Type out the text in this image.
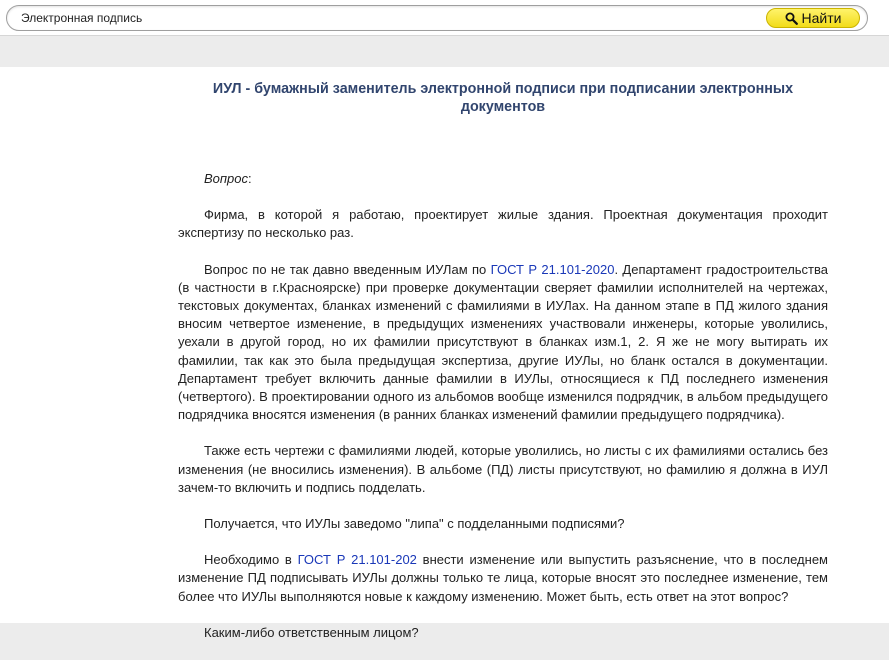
Электронная подпись	Найти
ИУЛ - бумажный заменитель электронной подписи при подписании электронных документов

Вопрос:

Фирма, в которой я работаю, проектирует жилые здания. Проектная документация проходит экспертизу по несколько раз.

Вопрос по не так давно введенным ИУЛам по ГОСТ Р 21.101-2020. Департамент градостроительства (в частности в г.Красноярске) при проверке документации сверяет фамилии исполнителей на чертежах, текстовых документах, бланках изменений с фамилиями в ИУЛах. На данном этапе в ПД жилого здания вносим четвертое изменение, в предыдущих изменениях участвовали инженеры, которые уволились, уехали в другой город, но их фамилии присутствуют в бланках изм.1, 2. Я же не могу вытирать их фамилии, так как это была предыдущая экспертиза, другие ИУЛы, но бланк остался в документации. Департамент требует включить данные фамилии в ИУЛы, относящиеся к ПД последнего изменения (четвертого). В проектировании одного из альбомов вообще изменился подрядчик, в альбом предыдущего подрядчика вносятся изменения (в ранних бланках изменений фамилии предыдущего подрядчика).

Также есть чертежи с фамилиями людей, которые уволились, но листы с их фамилиями остались без изменения (не вносились изменения). В альбоме (ПД) листы присутствуют, но фамилию я должна в ИУЛ зачем-то включить и подпись подделать.

Получается, что ИУЛы заведомо "липа" с подделанными подписями?

Необходимо в ГОСТ Р 21.101-202 внести изменение или выпустить разъяснение, что в последнем изменение ПД подписывать ИУЛы должны только те лица, которые вносят это последнее изменение, тем более что ИУЛы выполняются новые к каждому изменению. Может быть, есть ответ на этот вопрос?

Каким-либо ответственным лицом?
